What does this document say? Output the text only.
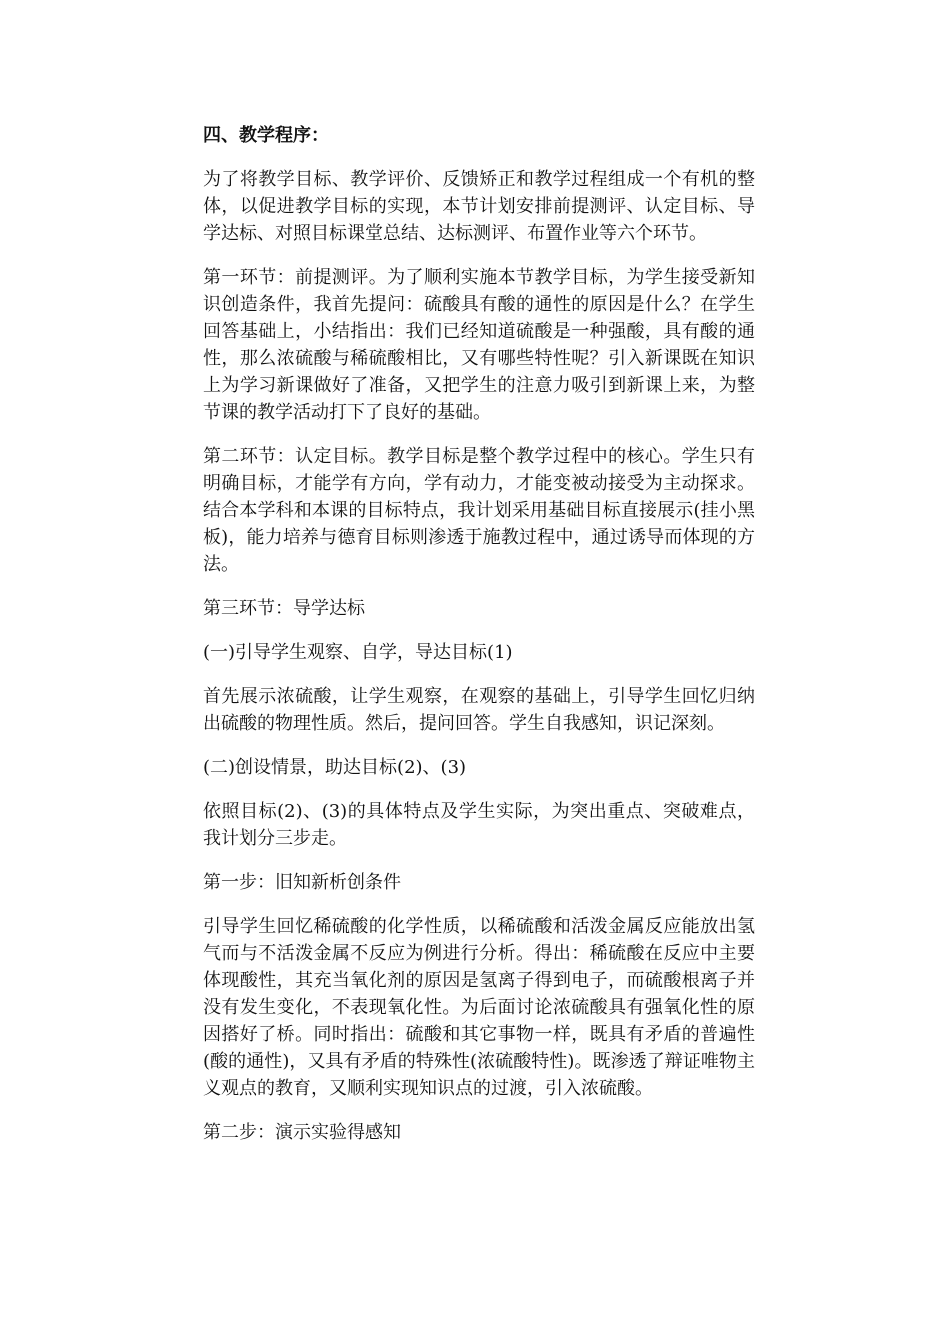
四、教学程序：

为了将教学目标、教学评价、反馈矫正和教学过程组成一个有机的整体，以促进教学目标的实现，本节计划安排前提测评、认定目标、导学达标、对照目标课堂总结、达标测评、布置作业等六个环节。

第一环节：前提测评。为了顺利实施本节教学目标，为学生接受新知识创造条件，我首先提问：硫酸具有酸的通性的原因是什么？在学生回答基础上，小结指出：我们已经知道硫酸是一种强酸，具有酸的通性，那么浓硫酸与稀硫酸相比，又有哪些特性呢？引入新课既在知识上为学习新课做好了准备，又把学生的注意力吸引到新课上来，为整节课的教学活动打下了良好的基础。

第二环节：认定目标。教学目标是整个教学过程中的核心。学生只有明确目标，才能学有方向，学有动力，才能变被动接受为主动探求。结合本学科和本课的目标特点，我计划采用基础目标直接展示(挂小黑板)，能力培养与德育目标则渗透于施教过程中，通过诱导而体现的方法。

第三环节：导学达标

(一)引导学生观察、自学，导达目标(1)

首先展示浓硫酸，让学生观察，在观察的基础上，引导学生回忆归纳出硫酸的物理性质。然后，提问回答。学生自我感知，识记深刻。

(二)创设情景，助达目标(2)、(3)

依照目标(2)、(3)的具体特点及学生实际，为突出重点、突破难点，我计划分三步走。

第一步：旧知新析创条件

引导学生回忆稀硫酸的化学性质，以稀硫酸和活泼金属反应能放出氢气而与不活泼金属不反应为例进行分析。得出：稀硫酸在反应中主要体现酸性，其充当氧化剂的原因是氢离子得到电子，而硫酸根离子并没有发生变化，不表现氧化性。为后面讨论浓硫酸具有强氧化性的原因搭好了桥。同时指出：硫酸和其它事物一样，既具有矛盾的普遍性(酸的通性)，又具有矛盾的特殊性(浓硫酸特性)。既渗透了辩证唯物主义观点的教育，又顺利实现知识点的过渡，引入浓硫酸。

第二步：演示实验得感知
